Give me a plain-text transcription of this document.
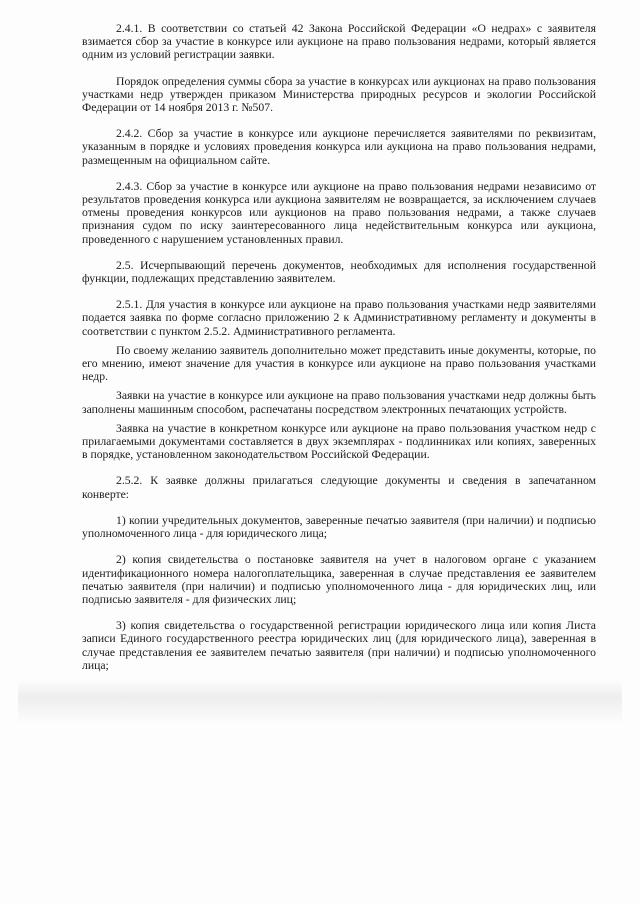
2.4.1. В соответствии со статьей 42 Закона Российской Федерации «О недрах» с заявителя взимается сбор за участие в конкурсе или аукционе на право пользования недрами, который является одним из условий регистрации заявки.

Порядок определения суммы сбора за участие в конкурсах или аукционах на право пользования участками недр утвержден приказом Министерства природных ресурсов и экологии Российской Федерации от 14 ноября 2013 г. №507.

2.4.2. Сбор за участие в конкурсе или аукционе перечисляется заявителями по реквизитам, указанным в порядке и условиях проведения конкурса или аукциона на право пользования недрами, размещенным на официальном сайте.

2.4.3. Сбор за участие в конкурсе или аукционе на право пользования недрами независимо от результатов проведения конкурса или аукциона заявителям не возвращается, за исключением случаев отмены проведения конкурсов или аукционов на право пользования недрами, а также случаев признания судом по иску заинтересованного лица недействительным конкурса или аукциона, проведенного с нарушением установленных правил.

2.5. Исчерпывающий перечень документов, необходимых для исполнения государственной функции, подлежащих представлению заявителем.

2.5.1. Для участия в конкурсе или аукционе на право пользования участками недр заявителями подается заявка по форме согласно приложению 2 к Административному регламенту и документы в соответствии с пунктом 2.5.2. Административного регламента.

По своему желанию заявитель дополнительно может представить иные документы, которые, по его мнению, имеют значение для участия в конкурсе или аукционе на право пользования участками недр.

Заявки на участие в конкурсе или аукционе на право пользования участками недр должны быть заполнены машинным способом, распечатаны посредством электронных печатающих устройств.

Заявка на участие в конкретном конкурсе или аукционе на право пользования участком недр с прилагаемыми документами составляется в двух экземплярах - подлинниках или копиях, заверенных в порядке, установленном законодательством Российской Федерации.

2.5.2. К заявке должны прилагаться следующие документы и сведения в запечатанном конверте:

1) копии учредительных документов, заверенные печатью заявителя (при наличии) и подписью уполномоченного лица - для юридического лица;

2) копия свидетельства о постановке заявителя на учет в налоговом органе с указанием идентификационного номера налогоплательщика, заверенная в случае представления ее заявителем печатью заявителя (при наличии) и подписью уполномоченного лица - для юридических лиц, или подписью заявителя - для физических лиц;

3) копия свидетельства о государственной регистрации юридического лица или копия Листа записи Единого государственного реестра юридических лиц (для юридического лица), заверенная в случае представления ее заявителем печатью заявителя (при наличии) и подписью уполномоченного лица;
